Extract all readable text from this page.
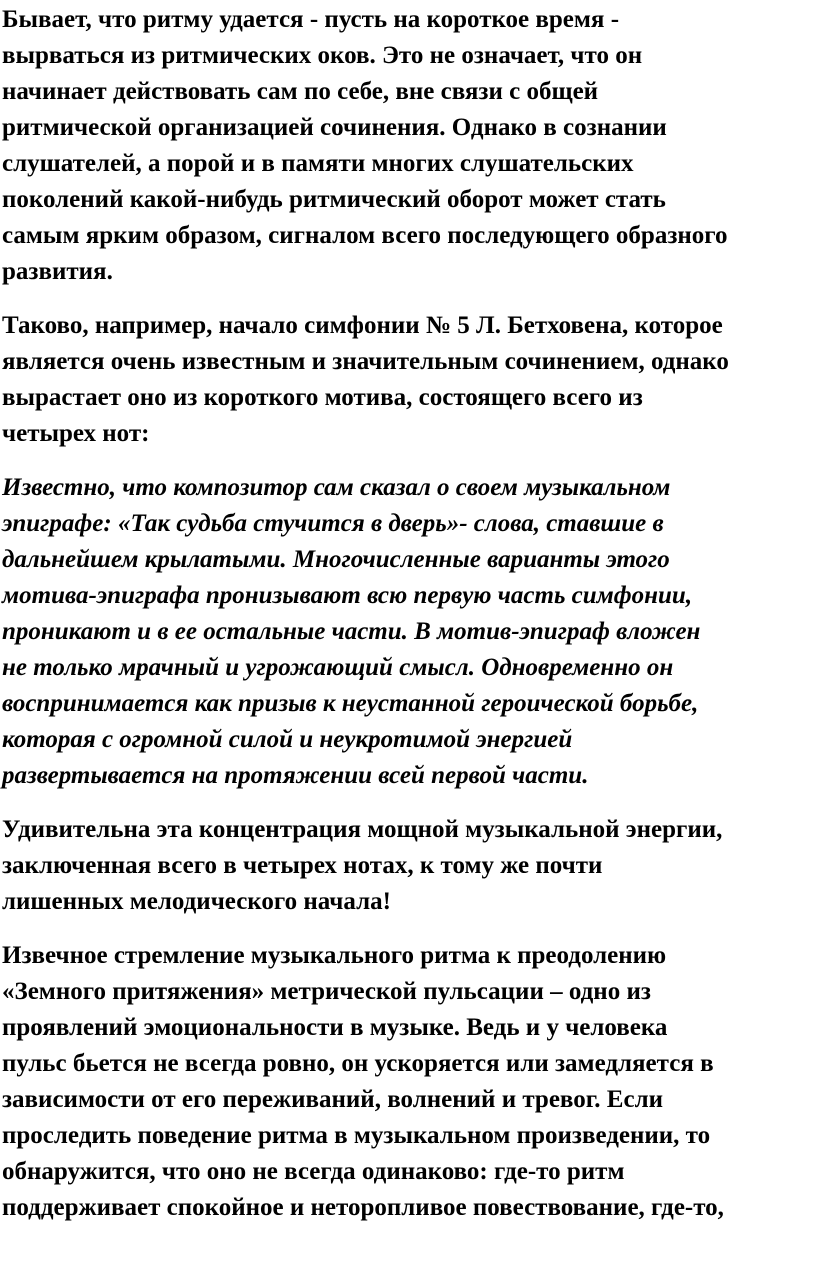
Бывает, что ритму удается - пусть на короткое время -
вырваться из ритмических оков. Это не означает, что он
начинает действовать сам по себе, вне связи с общей
ритмической организацией сочинения. Однако в сознании
слушателей, а порой и в памяти многих слушательских
поколений какой-нибудь ритмический оборот может стать
самым ярким образом, сигналом всего последующего образного
развития.

Таково, например, начало симфонии № 5 Л. Бетховена, которое
является очень известным и значительным сочинением, однако
вырастает оно из короткого мотива, состоящего всего из
четырех нот:

Известно, что композитор сам сказал о своем музыкальном
эпиграфе: «Так судьба стучится в дверь»- слова, ставшие в
дальнейшем крылатыми. Многочисленные варианты этого
мотива-эпиграфа пронизывают всю первую часть симфонии,
проникают и в ее остальные части. В мотив-эпиграф вложен
не только мрачный и угрожающий смысл. Одновременно он
воспринимается как призыв к неустанной героической борьбе,
которая с огромной силой и неукротимой энергией
развертывается на протяжении всей первой части.

Удивительна эта концентрация мощной музыкальной энергии,
заключенная всего в четырех нотах, к тому же почти
лишенных мелодического начала!

Извечное стремление музыкального ритма к преодолению
«Земного притяжения» метрической пульсации – одно из
проявлений эмоциональности в музыке. Ведь и у человека
пульс бьется не всегда ровно, он ускоряется или замедляется в
зависимости от его переживаний, волнений и тревог. Если
проследить поведение ритма в музыкальном произведении, то
обнаружится, что оно не всегда одинаково: где-то ритм
поддерживает спокойное и неторопливое повествование, где-то,
